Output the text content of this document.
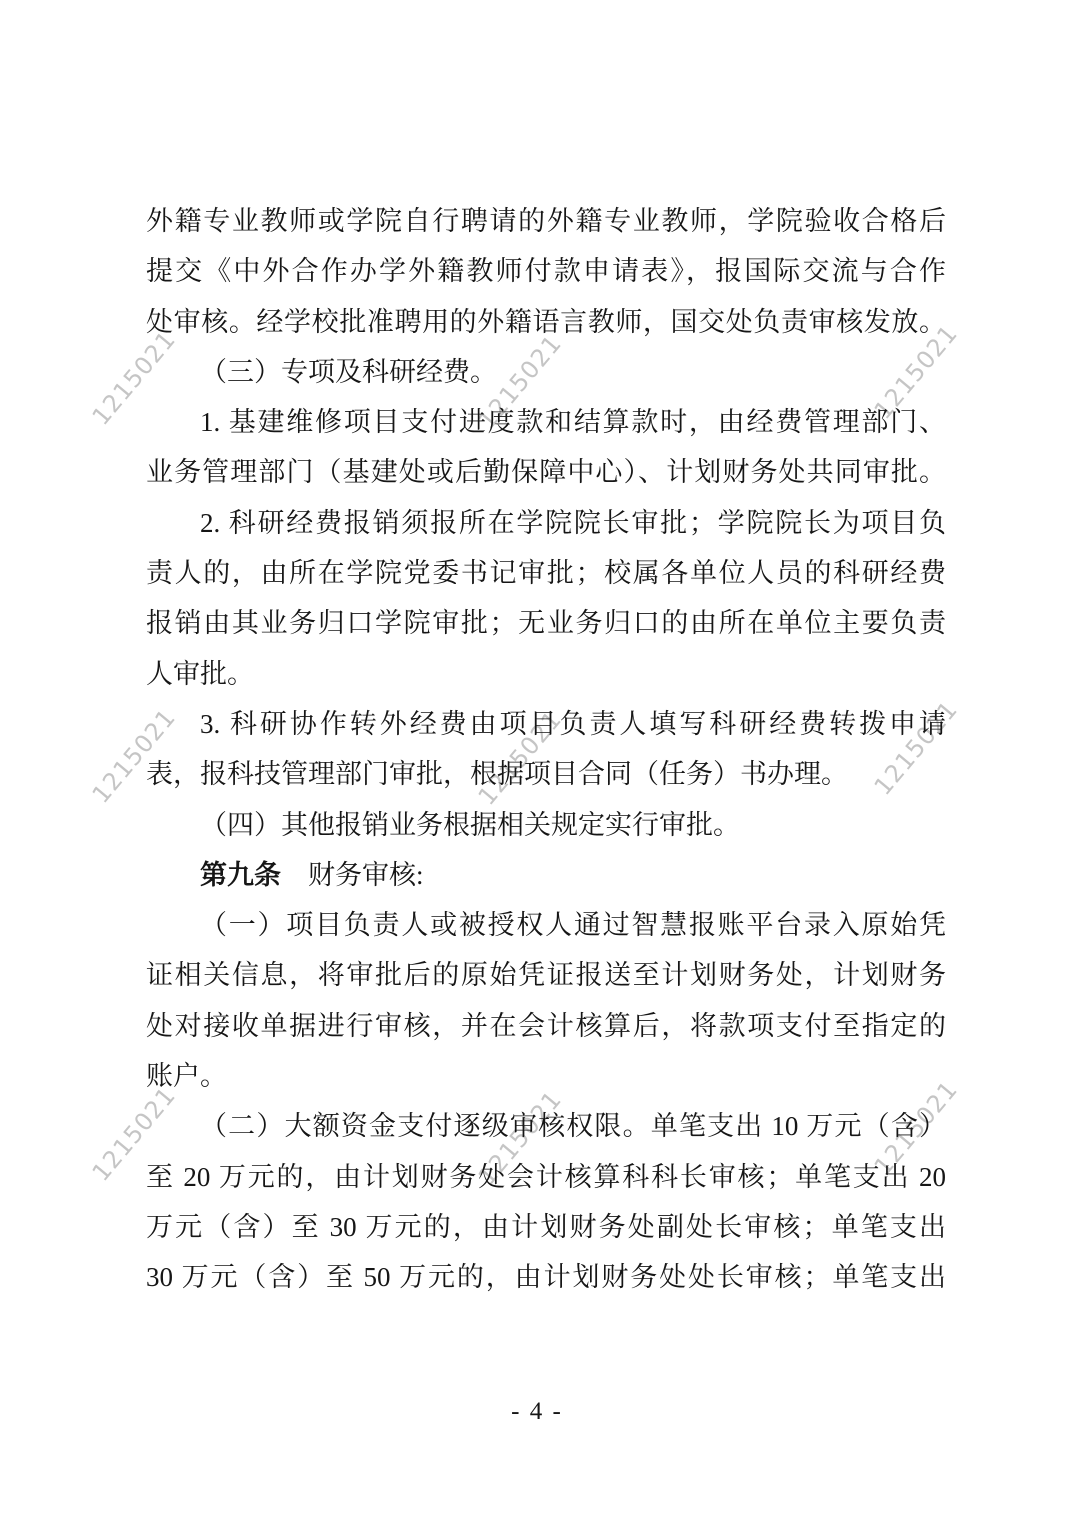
1215021	1215021	1215021
1215021	1215021	1215021
1215021	1215021	1215021
外籍专业教师或学院自行聘请的外籍专业教师，学院验收合格后
提交《中外合作办学外籍教师付款申请表》，报国际交流与合作
处审核。经学校批准聘用的外籍语言教师，国交处负责审核发放。
（三）专项及科研经费。
1. 基建维修项目支付进度款和结算款时，由经费管理部门、
业务管理部门（基建处或后勤保障中心）、计划财务处共同审批。
2. 科研经费报销须报所在学院院长审批；学院院长为项目负
责人的，由所在学院党委书记审批；校属各单位人员的科研经费
报销由其业务归口学院审批；无业务归口的由所在单位主要负责
人审批。
3. 科研协作转外经费由项目负责人填写科研经费转拨申请
表，报科技管理部门审批，根据项目合同（任务）书办理。
（四）其他报销业务根据相关规定实行审批。
第九条　财务审核:
（一）项目负责人或被授权人通过智慧报账平台录入原始凭
证相关信息，将审批后的原始凭证报送至计划财务处，计划财务
处对接收单据进行审核，并在会计核算后，将款项支付至指定的
账户。
（二）大额资金支付逐级审核权限。单笔支出 10 万元（含）
至 20 万元的，由计划财务处会计核算科科长审核；单笔支出 20
万元（含）至 30 万元的，由计划财务处副处长审核；单笔支出
30 万元（含）至 50 万元的，由计划财务处处长审核；单笔支出
- 4 -
